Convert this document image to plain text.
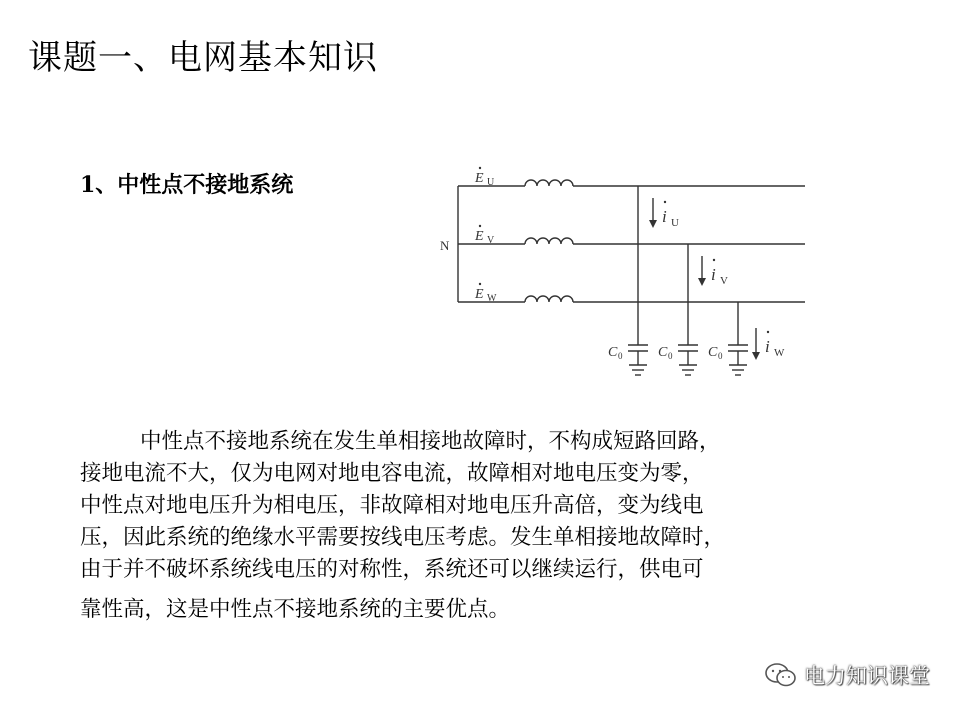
课题一、电网基本知识
1、中性点不接地系统
N
E U
E V
E W
i U
i V
i W
C 0	C 0	C 0
中性点不接地系统在发生单相接地故障时，不构成短路回路，
接地电流不大，仅为电网对地电容电流，故障相对地电压变为零，
中性点对地电压升为相电压，非故障相对地电压升高倍，变为线电
压，因此系统的绝缘水平需要按线电压考虑。发生单相接地故障时，
由于并不破坏系统线电压的对称性，系统还可以继续运行，供电可
靠性高，这是中性点不接地系统的主要优点。
电力知识课堂
